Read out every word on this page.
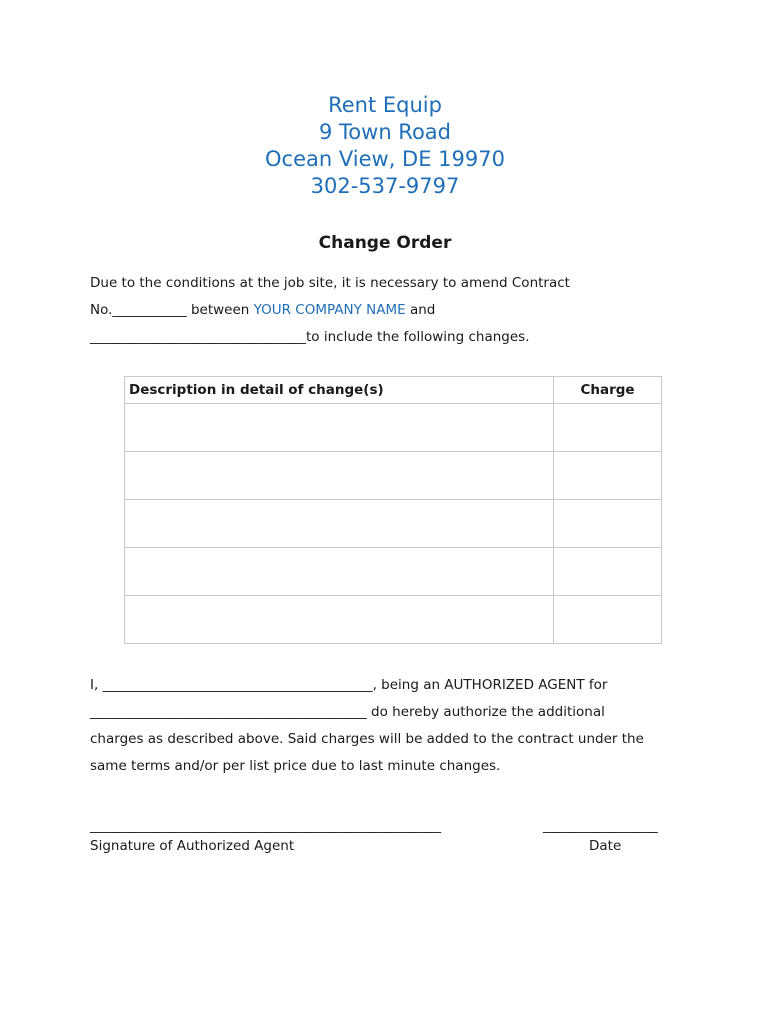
Rent Equip
9 Town Road
Ocean View, DE 19970
302-537-9797
Change Order
Due to the conditions at the job site, it is necessary to amend Contract
No.___________ between YOUR COMPANY NAME and
________________________________to include the following changes.
Description in detail of change(s)	Charge

I, ________________________________________, being an AUTHORIZED AGENT for
_________________________________________ do hereby authorize the additional
charges as described above. Said charges will be added to the contract under the
same terms and/or per list price due to last minute changes.
____________________________________________________	_________________
Signature of Authorized Agent	Date
